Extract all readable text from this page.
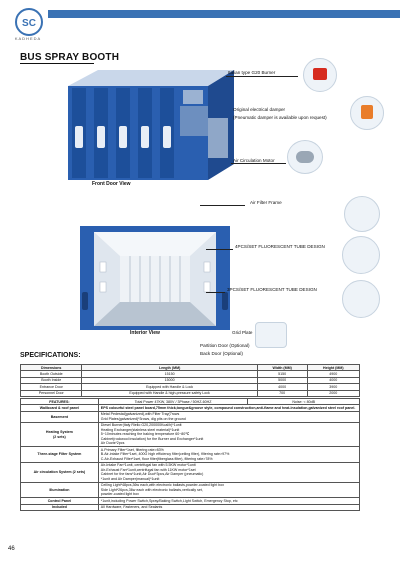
SC
KADHEDA
BUS SPRAY BOOTH
Front Door View
Italian type G20 Burner
Original electrical damper
(Pneumatic damper is available upon request)
Air Circulation Motor
Interior View
Air Filter Frame
4PCS/SET FLUORESCENT TUBE DESIGN
3PCS/SET FLUORESCENT TUBE DESIGN
Grid Plate
Partition Door (Optional)
Back Door (Optional)
SPECIFICATIONS:
Dimensions	Length (MM)	Width (MM)	Height (MM)
Booth Outside	15150	5150	4900
Booth Inside	15000	5000	4000
Entrance Door	Equipped with Handle & Lock	4000	3900
Personnel Door	Equipped with Handle & high-pressure safety Lock	700	2000
FEATURES:	Total Power 47KW, 380V / 3Phase / 50HZ-60HZ	Noise: < 80dB
Wallboard & roof panel	EPS colourful steel panel board,75mm thick,tongue&groove style, compound construction,anti-flame and heat-insulation,galvanized steel roof panel.	
Basement	Metal Pedestal(galvanized),with Filter Tray(7rows
Grid Plates(galvanized)*3rows, dig pits on the ground	
Heating System
(2 sets)	Diesel Burner(Italy Riello G20,200000Kcal/h)*1unit
Heating Exchanger(stainless steel material)*1unit
5~10minutes reaching the baking temperature 60~80℃
Cabinet(rockwool insulation) for the Burner and Exchanger*1unit
Air Ducts*2pcs	
Three-stage Filter System	A.Primary Filter*1set, filtering rate>83%
B.Air-intake Filter*1set, 400G high efficiency filter(ceiling filter), filtering rate>97%
C.Air-Exhaust Filter*1set, floor filter(fiberglass filter), filtering rate>78%	
Air circulation System (2 sets)	Air-Intake Fan*1unit, centrifugal fan with 5.5KW motor*1unit
Air-Exhaust Fan*1unit,centrifugal fan with 11KW motor*1set
Cabinet for the fans*1unit,Air Duct*3pcs,Air Damper (pneumatic)
*1unit and Air Damper(manual)*1unit	
Illumination	Ceiling Light*48pcs,36w each,with electronic ballasts,powder-coated light box
Side Light*26pcs,36w each with electronic ballasts,vertically set,
powder-coated light box	
Control Panel	*1unit,including Power Switch,Spray/Baking Switch,Light Switch, Emergency Stop, etc	
Included	All Hardware, Fasteners, and Sealants	
46
